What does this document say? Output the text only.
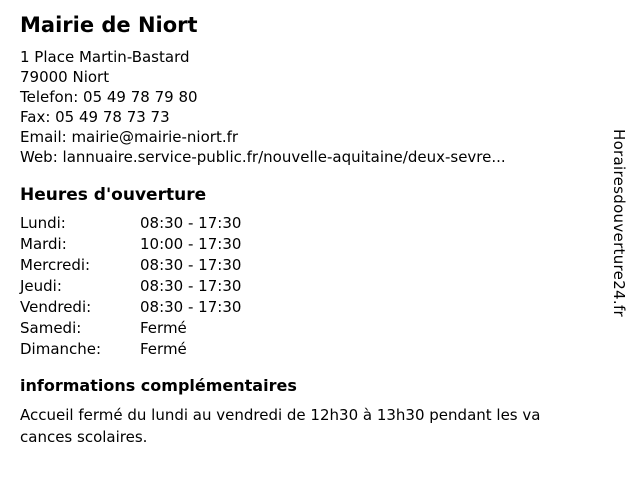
Mairie de Niort
1 Place Martin-Bastard
79000 Niort
Telefon: 05 49 78 79 80
Fax: 05 49 78 73 73
Email: mairie@mairie-niort.fr
Web: lannuaire.service-public.fr/nouvelle-aquitaine/deux-sevre...
Heures d'ouverture
Lundi:	08:30 - 17:30
Mardi:	10:00 - 17:30
Mercredi:	08:30 - 17:30
Jeudi:	08:30 - 17:30
Vendredi:	08:30 - 17:30
Samedi:	Fermé
Dimanche:	Fermé
informations complémentaires
Accueil fermé du lundi au vendredi de 12h30 à 13h30 pendant les va
cances scolaires.
Horairesdouverture24.fr
